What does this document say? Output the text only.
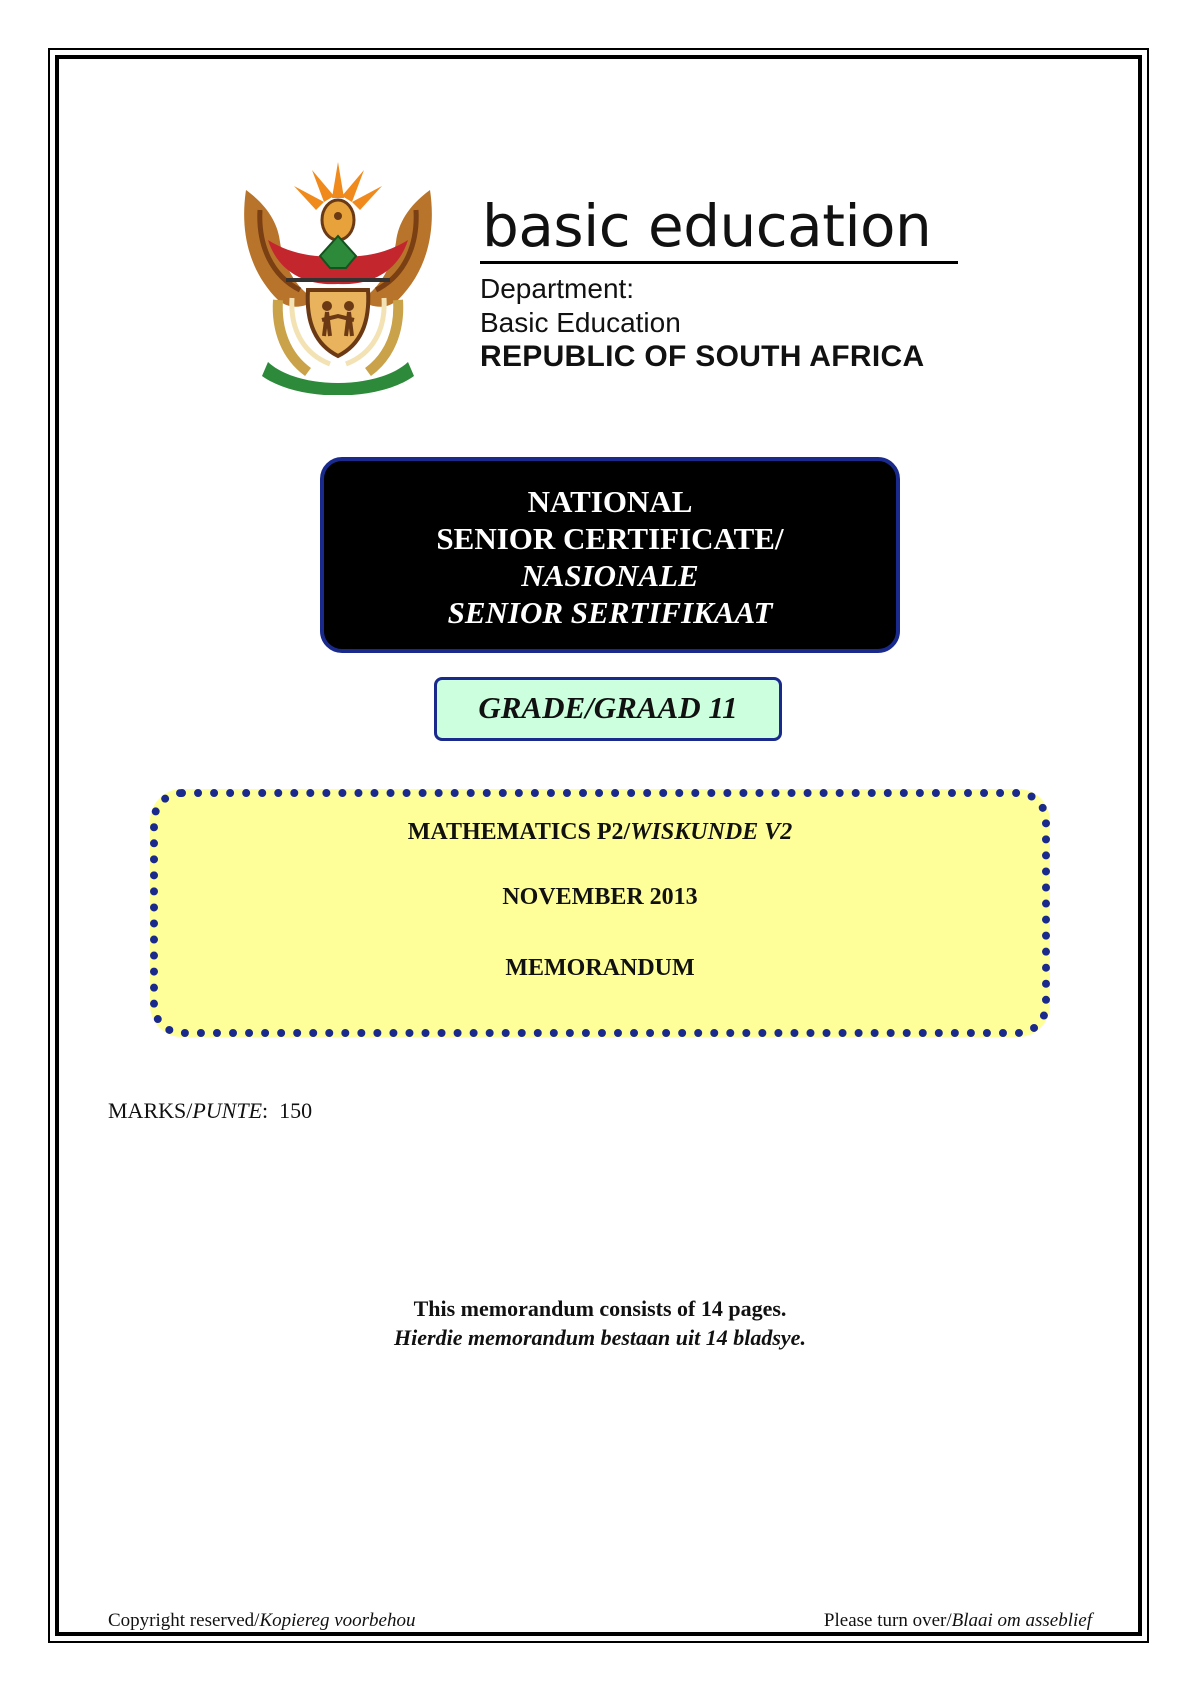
basic education
Department:
Basic Education
REPUBLIC OF SOUTH AFRICA
NATIONAL
SENIOR CERTIFICATE/
NASIONALE
SENIOR SERTIFIKAAT
GRADE/GRAAD 11
MATHEMATICS P2/WISKUNDE V2
NOVEMBER 2013
MEMORANDUM
MARKS/PUNTE: 150
This memorandum consists of 14 pages.
Hierdie memorandum bestaan uit 14 bladsye.
Copyright reserved/Kopiereg voorbehou	Please turn over/Blaai om asseblief
